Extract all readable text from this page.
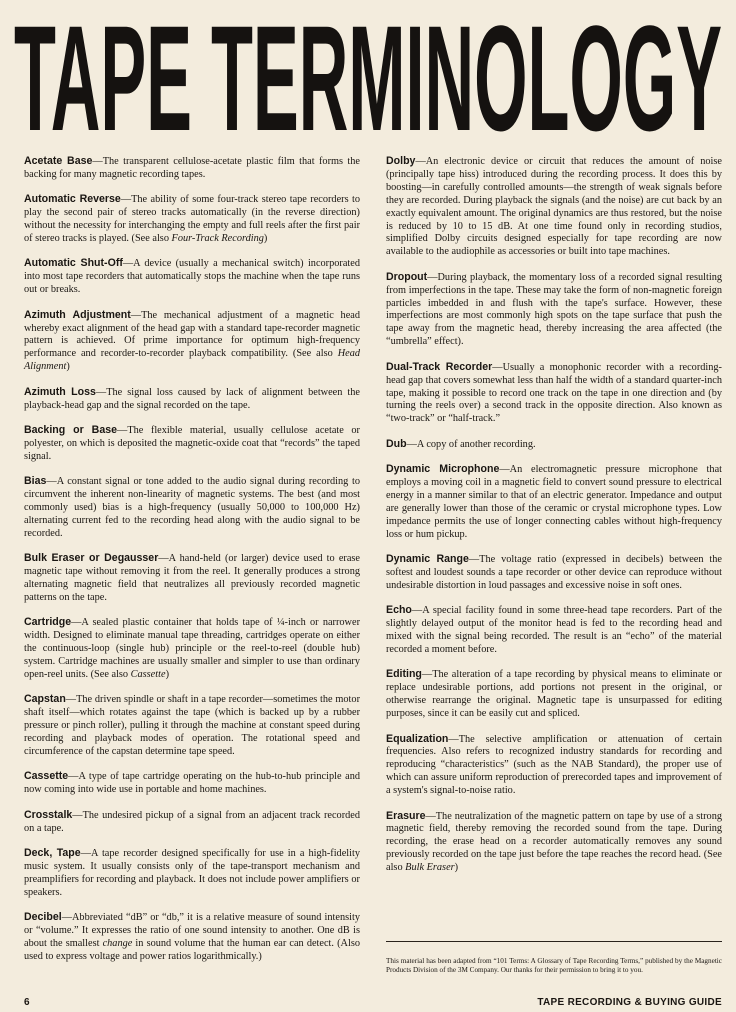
TAPE TERMINOLOGY

Acetate Base—The transparent cellulose-acetate plastic film that forms the backing for many magnetic recording tapes.

Automatic Reverse—The ability of some four-track stereo tape recorders to play the second pair of stereo tracks automatically (in the reverse direction) without the necessity for interchanging the empty and full reels after the first pair of stereo tracks is played. (See also Four-Track Recording)

Automatic Shut-Off—A device (usually a mechanical switch) incorporated into most tape recorders that automatically stops the machine when the tape runs out or breaks.

Azimuth Adjustment—The mechanical adjustment of a magnetic head whereby exact alignment of the head gap with a standard tape-recorder magnetic pattern is achieved. Of prime importance for optimum high-frequency performance and recorder-to-recorder playback compatibility. (See also Head Alignment)

Azimuth Loss—The signal loss caused by lack of alignment between the playback-head gap and the signal recorded on the tape.

Backing or Base—The flexible material, usually cellulose acetate or polyester, on which is deposited the magnetic-oxide coat that “records” the taped signal.

Bias—A constant signal or tone added to the audio signal during recording to circumvent the inherent non-linearity of magnetic systems. The best (and most commonly used) bias is a high-frequency (usually 50,000 to 100,000 Hz) alternating current fed to the recording head along with the audio signal to be recorded.

Bulk Eraser or Degausser—A hand-held (or larger) device used to erase magnetic tape without removing it from the reel. It generally produces a strong alternating magnetic field that neutralizes all previously recorded magnetic patterns on the tape.

Cartridge—A sealed plastic container that holds tape of ¼-inch or narrower width. Designed to eliminate manual tape threading, cartridges operate on either the continuous-loop (single hub) principle or the reel-to-reel (double hub) system. Cartridge machines are usually smaller and simpler to use than ordinary open-reel units. (See also Cassette)

Capstan—The driven spindle or shaft in a tape recorder—sometimes the motor shaft itself—which rotates against the tape (which is backed up by a rubber pressure or pinch roller), pulling it through the machine at constant speed during recording and playback modes of operation. The rotational speed and circumference of the capstan determine tape speed.

Cassette—A type of tape cartridge operating on the hub-to-hub principle and now coming into wide use in portable and home machines.

Crosstalk—The undesired pickup of a signal from an adjacent track recorded on a tape.

Deck, Tape—A tape recorder designed specifically for use in a high-fidelity music system. It usually consists only of the tape-transport mechanism and preamplifiers for recording and playback. It does not include power amplifiers or speakers.

Decibel—Abbreviated “dB” or “db,” it is a relative measure of sound intensity or “volume.” It expresses the ratio of one sound intensity to another. One dB is about the smallest change in sound volume that the human ear can detect. (Also used to express voltage and power ratios logarithmically.)

Dolby—An electronic device or circuit that reduces the amount of noise (principally tape hiss) introduced during the recording process. It does this by boosting—in carefully controlled amounts—the strength of weak signals before they are recorded. During playback the signals (and the noise) are cut back by an exactly equivalent amount. The original dynamics are thus restored, but the noise is reduced by 10 to 15 dB. At one time found only in recording studios, simplified Dolby circuits designed especially for tape recording are now available to the audiophile as accessories or built into tape machines.

Dropout—During playback, the momentary loss of a recorded signal resulting from imperfections in the tape. These may take the form of non-magnetic foreign particles imbedded in and flush with the tape's surface. However, these imperfections are most commonly high spots on the tape surface that push the tape away from the magnetic head, thereby increasing the area affected (the “umbrella” effect).

Dual-Track Recorder—Usually a monophonic recorder with a recording-head gap that covers somewhat less than half the width of a standard quarter-inch tape, making it possible to record one track on the tape in one direction and (by turning the reels over) a second track in the opposite direction. Also known as “two-track” or “half-track.”

Dub—A copy of another recording.

Dynamic Microphone—An electromagnetic pressure microphone that employs a moving coil in a magnetic field to convert sound pressure to electrical energy in a manner similar to that of an electric generator. Impedance and output are generally lower than those of the ceramic or crystal microphone types. Low impedance permits the use of longer connecting cables without high-frequency loss or hum pickup.

Dynamic Range—The voltage ratio (expressed in decibels) between the softest and loudest sounds a tape recorder or other device can reproduce without undesirable distortion in loud passages and excessive noise in soft ones.

Echo—A special facility found in some three-head tape recorders. Part of the slightly delayed output of the monitor head is fed to the recording head and mixed with the signal being recorded. The result is an “echo” of the material recorded a moment before.

Editing—The alteration of a tape recording by physical means to eliminate or replace undesirable portions, add portions not present in the original, or otherwise rearrange the original. Magnetic tape is unsurpassed for editing purposes, since it can be easily cut and spliced.

Equalization—The selective amplification or attenuation of certain frequencies. Also refers to recognized industry standards for recording and reproducing “characteristics” (such as the NAB Standard), the proper use of which can assure uniform reproduction of prerecorded tapes and improvement of a system's signal-to-noise ratio.

Erasure—The neutralization of the magnetic pattern on tape by use of a strong magnetic field, thereby removing the recorded sound from the tape. During recording, the erase head on a recorder automatically removes any sound previously recorded on the tape just before the tape reaches the record head. (See also Bulk Eraser)

This material has been adapted from “101 Terms: A Glossary of Tape Recording Terms,” published by the Magnetic Products Division of the 3M Company. Our thanks for their permission to bring it to you.
6	TAPE RECORDING & BUYING GUIDE
